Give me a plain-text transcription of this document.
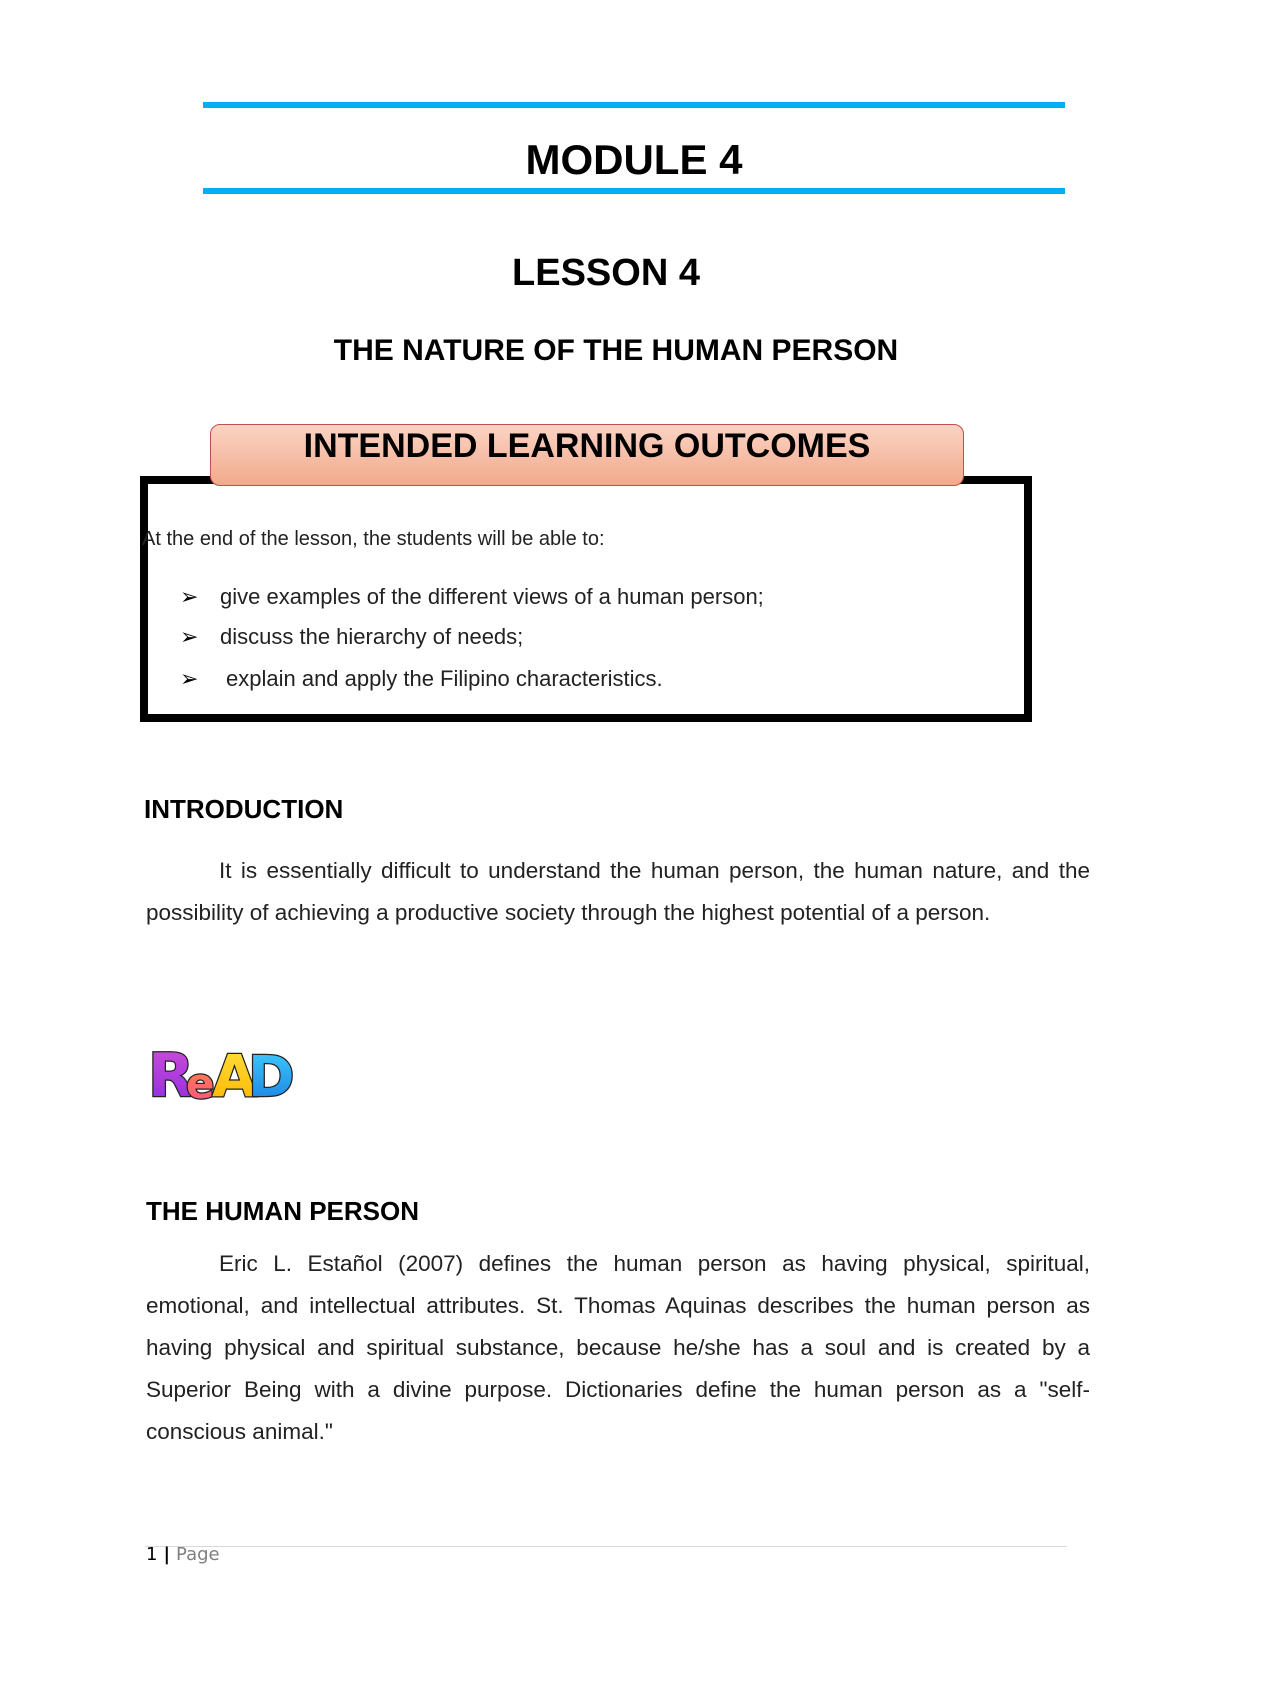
MODULE 4
LESSON 4
THE NATURE OF THE HUMAN PERSON
INTENDED LEARNING OUTCOMES
At the end of the lesson, the students will be able to:
➢ give examples of the different views of a human person;
➢ discuss the hierarchy of needs;
➢ explain and apply the Filipino characteristics.
INTRODUCTION

It is essentially difficult to understand the human person, the human nature, and the possibility of achieving a productive society through the highest potential of a person.

R
e
A
D
THE HUMAN PERSON

Eric L. Estañol (2007) defines the human person as having physical, spiritual, emotional, and intellectual attributes. St. Thomas Aquinas describes the human person as having physical and spiritual substance, because he/she has a soul and is created by a Superior Being with a divine purpose. Dictionaries define the human person as a "self-conscious animal."

1 | Page
